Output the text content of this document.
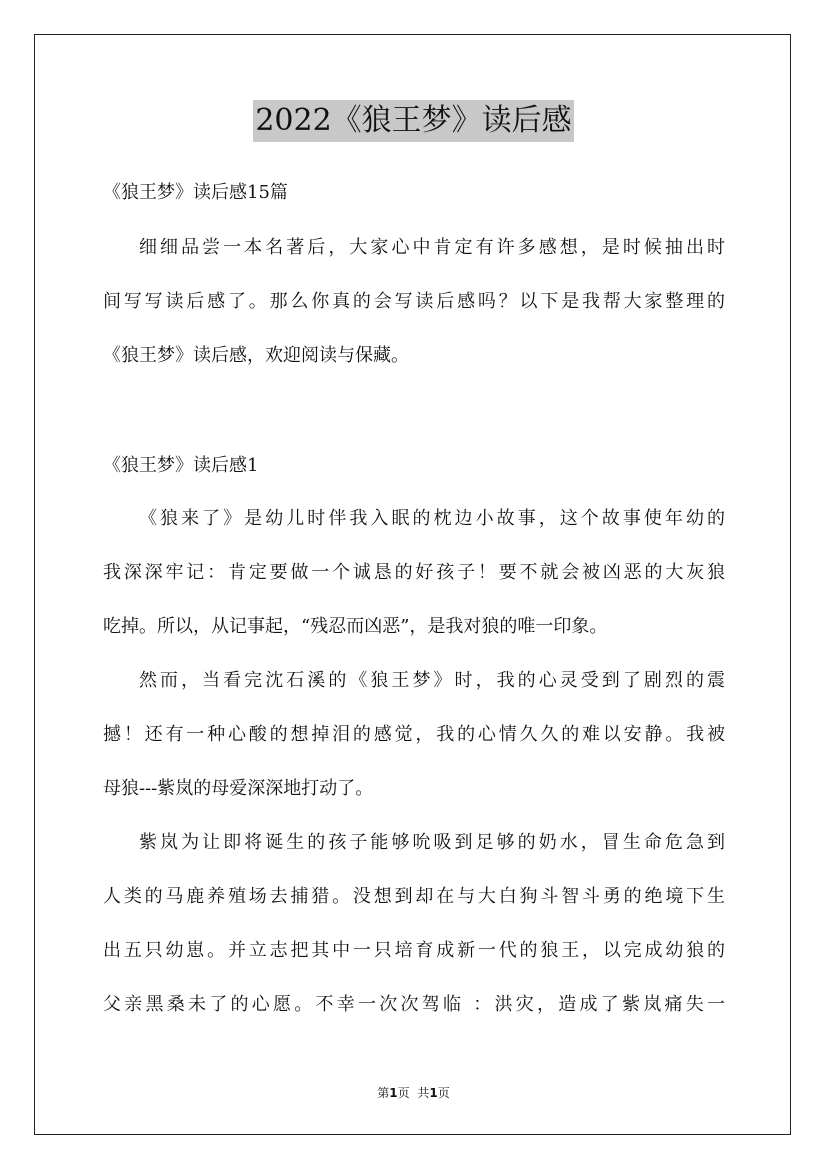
2022《狼王梦》读后感
《狼王梦》读后感15篇
细细品尝一本名著后，大家心中肯定有许多感想，是时候抽出时
间写写读后感了。那么你真的会写读后感吗？以下是我帮大家整理的
《狼王梦》读后感，欢迎阅读与保藏。
《狼王梦》读后感1
《狼来了》是幼儿时伴我入眠的枕边小故事，这个故事使年幼的
我深深牢记：肯定要做一个诚恳的好孩子！要不就会被凶恶的大灰狼
吃掉。所以，从记事起，“残忍而凶恶”，是我对狼的唯一印象。
然而，当看完沈石溪的《狼王梦》时，我的心灵受到了剧烈的震
撼！还有一种心酸的想掉泪的感觉，我的心情久久的难以安静。我被
母狼---紫岚的母爱深深地打动了。
紫岚为让即将诞生的孩子能够吮吸到足够的奶水，冒生命危急到
人类的马鹿养殖场去捕猎。没想到却在与大白狗斗智斗勇的绝境下生
出五只幼崽。并立志把其中一只培育成新一代的狼王，以完成幼狼的
父亲黑桑未了的心愿。不幸一次次驾临 ：洪灾，造成了紫岚痛失一
第1页 共1页
